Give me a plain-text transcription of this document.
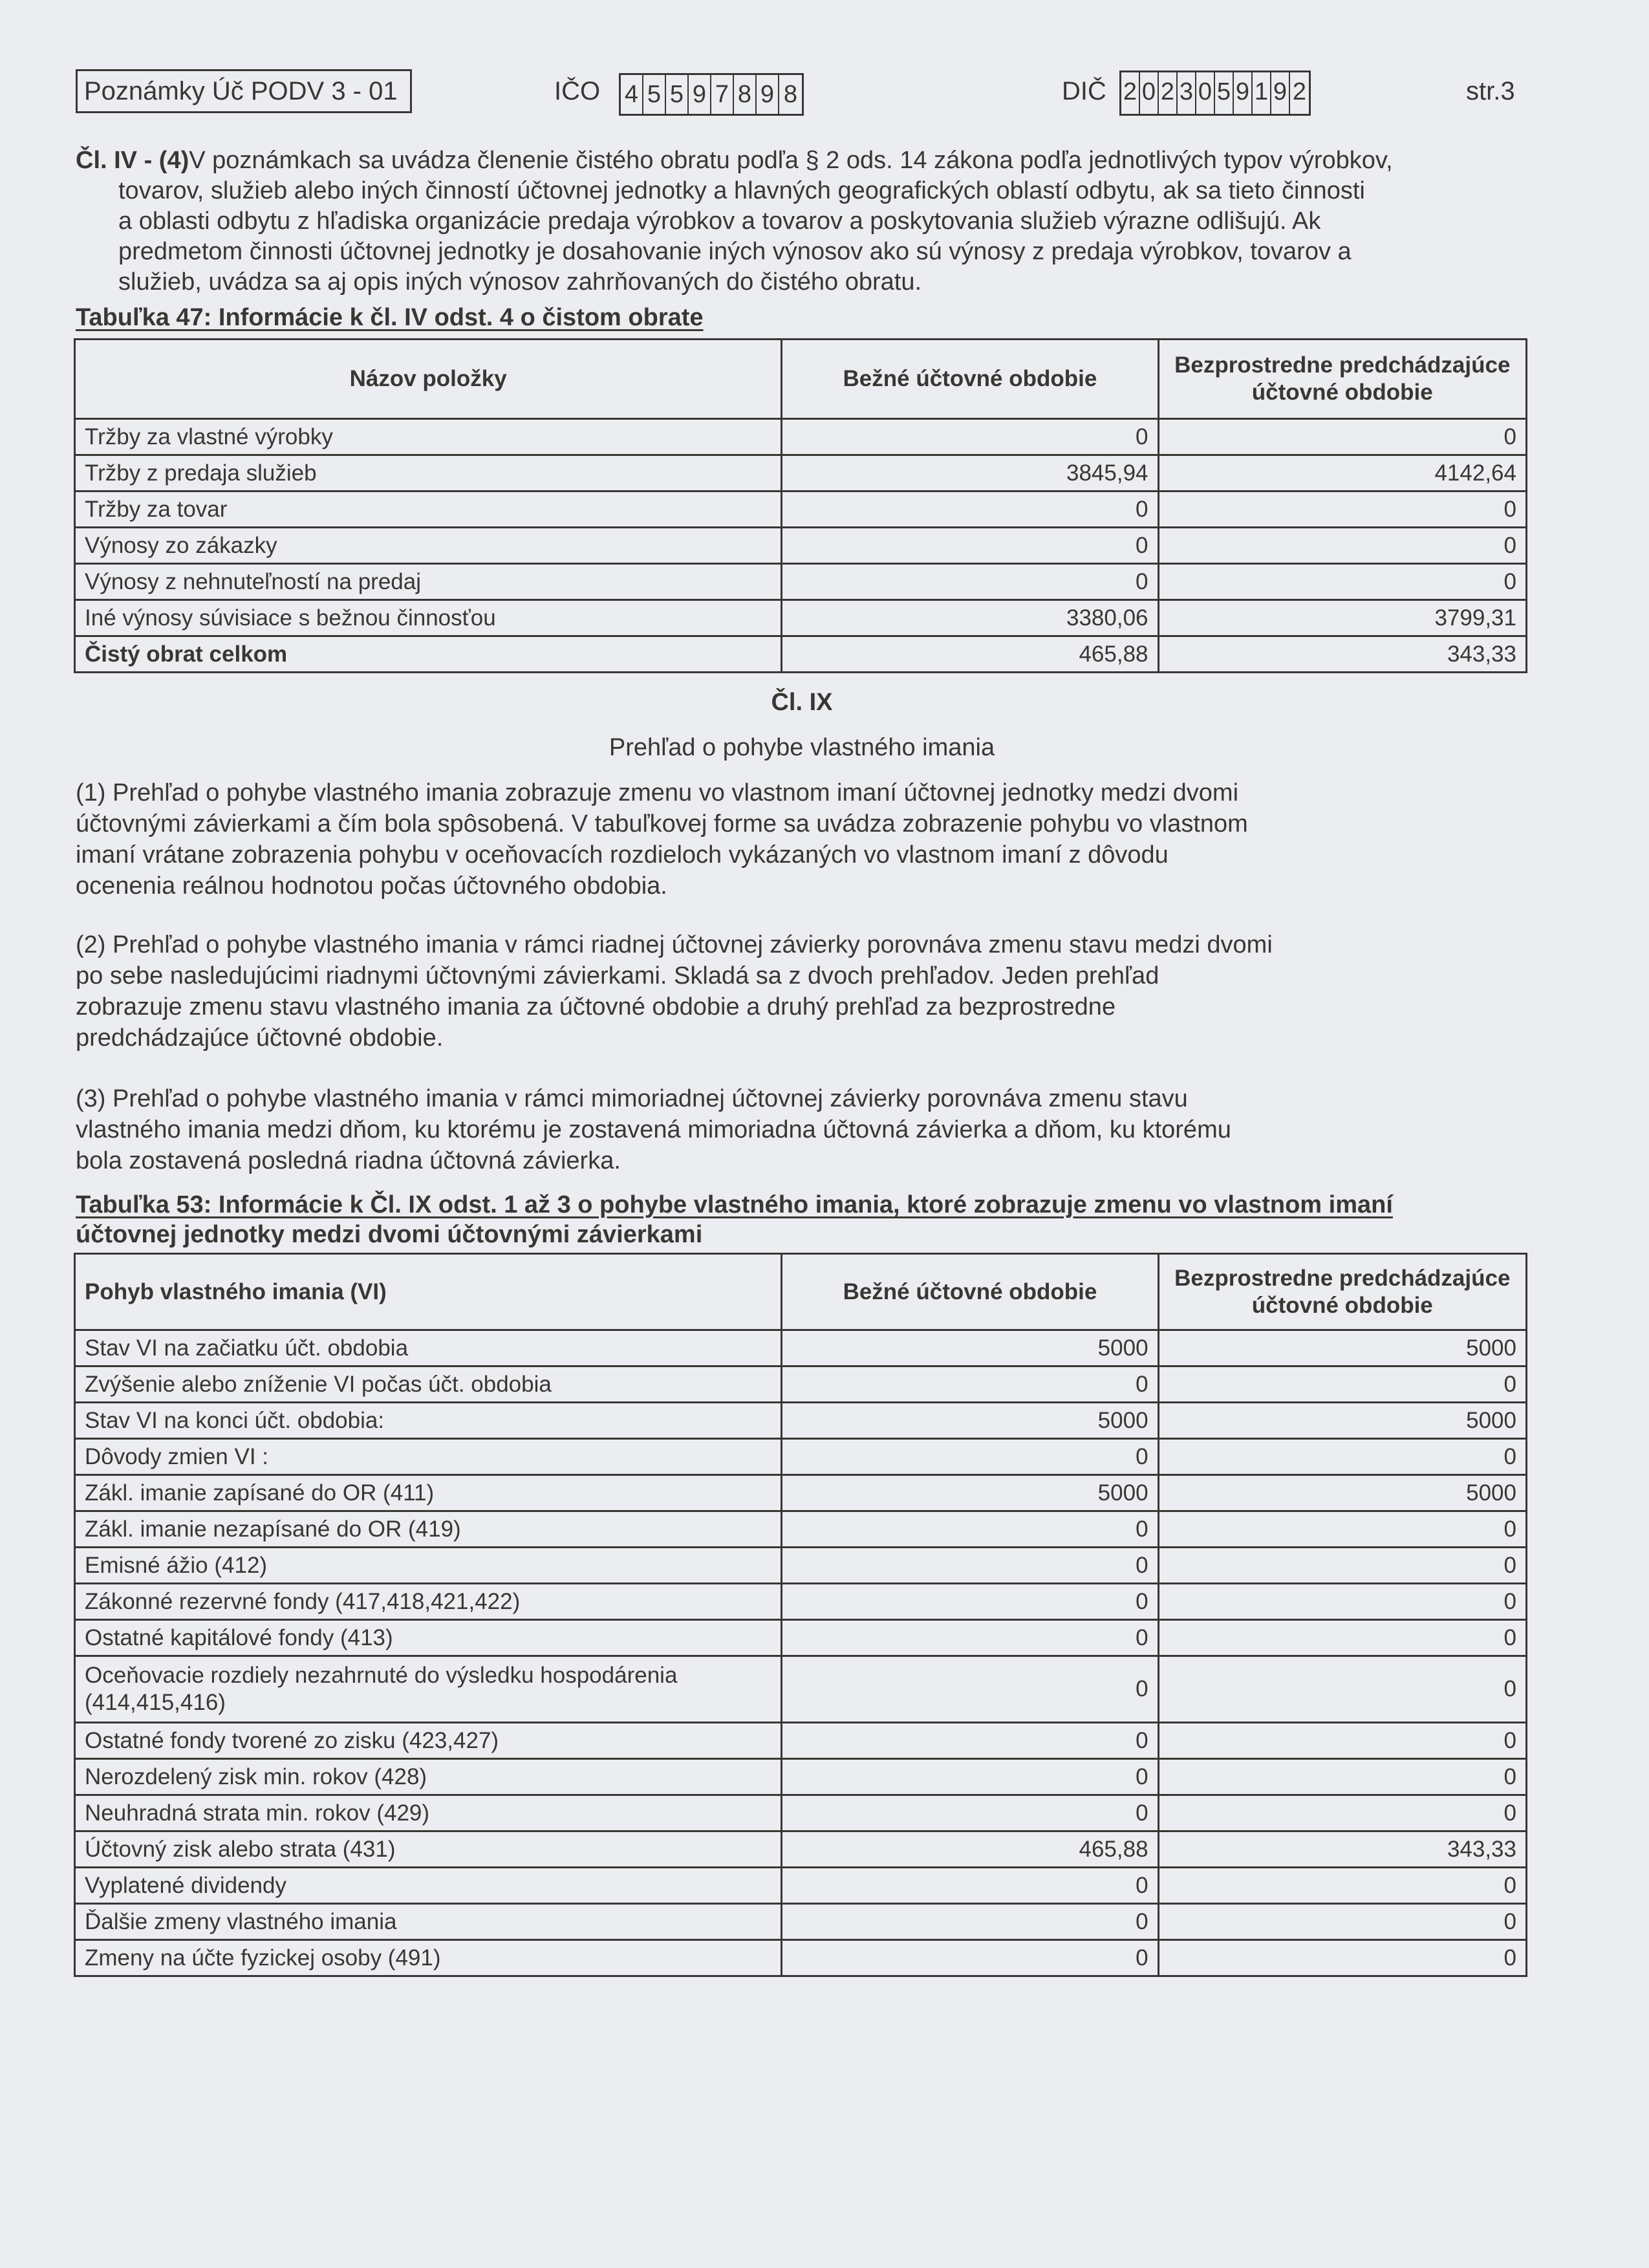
Poznámky Úč PODV 3 - 01	IČO 4 5 5 9 7 8 9 8	DIČ 2 0 2 3 0 5 9 1 9 2	str.3
Čl. IV - (4)V poznámkach sa uvádza členenie čistého obratu podľa § 2 ods. 14 zákona podľa jednotlivých typov výrobkov,
tovarov, služieb alebo iných činností účtovnej jednotky a hlavných geografických oblastí odbytu, ak sa tieto činnosti
a oblasti odbytu z hľadiska organizácie predaja výrobkov a tovarov a poskytovania služieb výrazne odlišujú. Ak
predmetom činnosti účtovnej jednotky je dosahovanie iných výnosov ako sú výnosy z predaja výrobkov, tovarov a
služieb, uvádza sa aj opis iných výnosov zahrňovaných do čistého obratu.
Tabuľka 47: Informácie k čl. IV odst. 4 o čistom obrate
Názov položky	Bežné účtovné obdobie	Bezprostredne predchádzajúce účtovné obdobie
Tržby za vlastné výrobky	0	0
Tržby z predaja služieb	3845,94	4142,64
Tržby za tovar	0	0
Výnosy zo zákazky	0	0
Výnosy z nehnuteľností na predaj	0	0
Iné výnosy súvisiace s bežnou činnosťou	3380,06	3799,31
Čistý obrat celkom	465,88	343,33
Čl. IX
Prehľad o pohybe vlastného imania
(1) Prehľad o pohybe vlastného imania zobrazuje zmenu vo vlastnom imaní účtovnej jednotky medzi dvomi
účtovnými závierkami a čím bola spôsobená. V tabuľkovej forme sa uvádza zobrazenie pohybu vo vlastnom
imaní vrátane zobrazenia pohybu v oceňovacích rozdieloch vykázaných vo vlastnom imaní z dôvodu
ocenenia reálnou hodnotou počas účtovného obdobia.
(2) Prehľad o pohybe vlastného imania v rámci riadnej účtovnej závierky porovnáva zmenu stavu medzi dvomi
po sebe nasledujúcimi riadnymi účtovnými závierkami. Skladá sa z dvoch prehľadov. Jeden prehľad
zobrazuje zmenu stavu vlastného imania za účtovné obdobie a druhý prehľad za bezprostredne
predchádzajúce účtovné obdobie.
(3) Prehľad o pohybe vlastného imania v rámci mimoriadnej účtovnej závierky porovnáva zmenu stavu
vlastného imania medzi dňom, ku ktorému je zostavená mimoriadna účtovná závierka a dňom, ku ktorému
bola zostavená posledná riadna účtovná závierka.
Tabuľka 53: Informácie k Čl. IX odst. 1 až 3 o pohybe vlastného imania, ktoré zobrazuje zmenu vo vlastnom imaní
účtovnej jednotky medzi dvomi účtovnými závierkami
Pohyb vlastného imania (VI)	Bežné účtovné obdobie	Bezprostredne predchádzajúce účtovné obdobie
Stav VI na začiatku účt. obdobia	5000	5000
Zvýšenie alebo zníženie VI počas účt. obdobia	0	0
Stav VI na konci účt. obdobia:	5000	5000
Dôvody zmien VI :	0	0
Zákl. imanie zapísané do OR (411)	5000	5000
Zákl. imanie nezapísané do OR (419)	0	0
Emisné ážio (412)	0	0
Zákonné rezervné fondy (417,418,421,422)	0	0
Ostatné kapitálové fondy (413)	0	0
Oceňovacie rozdiely nezahrnuté do výsledku hospodárenia (414,415,416)	0	0
Ostatné fondy tvorené zo zisku (423,427)	0	0
Nerozdelený zisk min. rokov (428)	0	0
Neuhradná strata min. rokov (429)	0	0
Účtovný zisk alebo strata (431)	465,88	343,33
Vyplatené dividendy	0	0
Ďalšie zmeny vlastného imania	0	0
Zmeny na účte fyzickej osoby (491)	0	0
